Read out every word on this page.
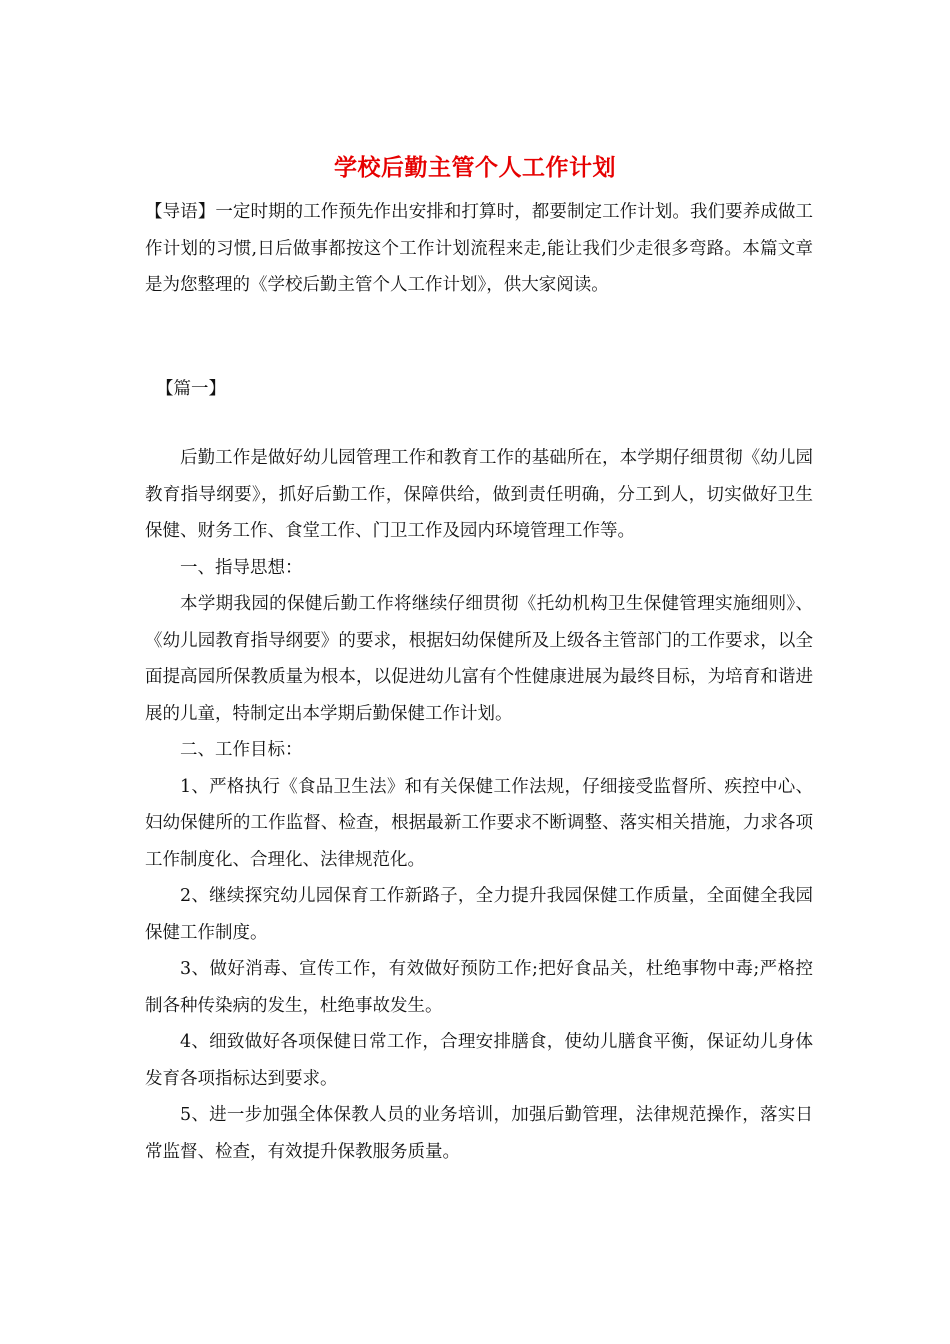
学校后勤主管个人工作计划

【导语】一定时期的工作预先作出安排和打算时，都要制定工作计划。我们要养成做工作计划的习惯,日后做事都按这个工作计划流程来走,能让我们少走很多弯路。本篇文章是为您整理的《学校后勤主管个人工作计划》，供大家阅读。

【篇一】

后勤工作是做好幼儿园管理工作和教育工作的基础所在，本学期仔细贯彻《幼儿园教育指导纲要》，抓好后勤工作，保障供给，做到责任明确，分工到人，切实做好卫生保健、财务工作、食堂工作、门卫工作及园内环境管理工作等。

一、指导思想：

本学期我园的保健后勤工作将继续仔细贯彻《托幼机构卫生保健管理实施细则》、《幼儿园教育指导纲要》的要求，根据妇幼保健所及上级各主管部门的工作要求，以全面提高园所保教质量为根本，以促进幼儿富有个性健康进展为最终目标，为培育和谐进展的儿童，特制定出本学期后勤保健工作计划。

二、工作目标：

1、严格执行《食品卫生法》和有关保健工作法规，仔细接受监督所、疾控中心、妇幼保健所的工作监督、检查，根据最新工作要求不断调整、落实相关措施，力求各项工作制度化、合理化、法律规范化。

2、继续探究幼儿园保育工作新路子，全力提升我园保健工作质量，全面健全我园保健工作制度。

3、做好消毒、宣传工作，有效做好预防工作;把好食品关，杜绝事物中毒;严格控制各种传染病的发生，杜绝事故发生。

4、细致做好各项保健日常工作，合理安排膳食，使幼儿膳食平衡，保证幼儿身体发育各项指标达到要求。

5、进一步加强全体保教人员的业务培训，加强后勤管理，法律规范操作，落实日常监督、检查，有效提升保教服务质量。
